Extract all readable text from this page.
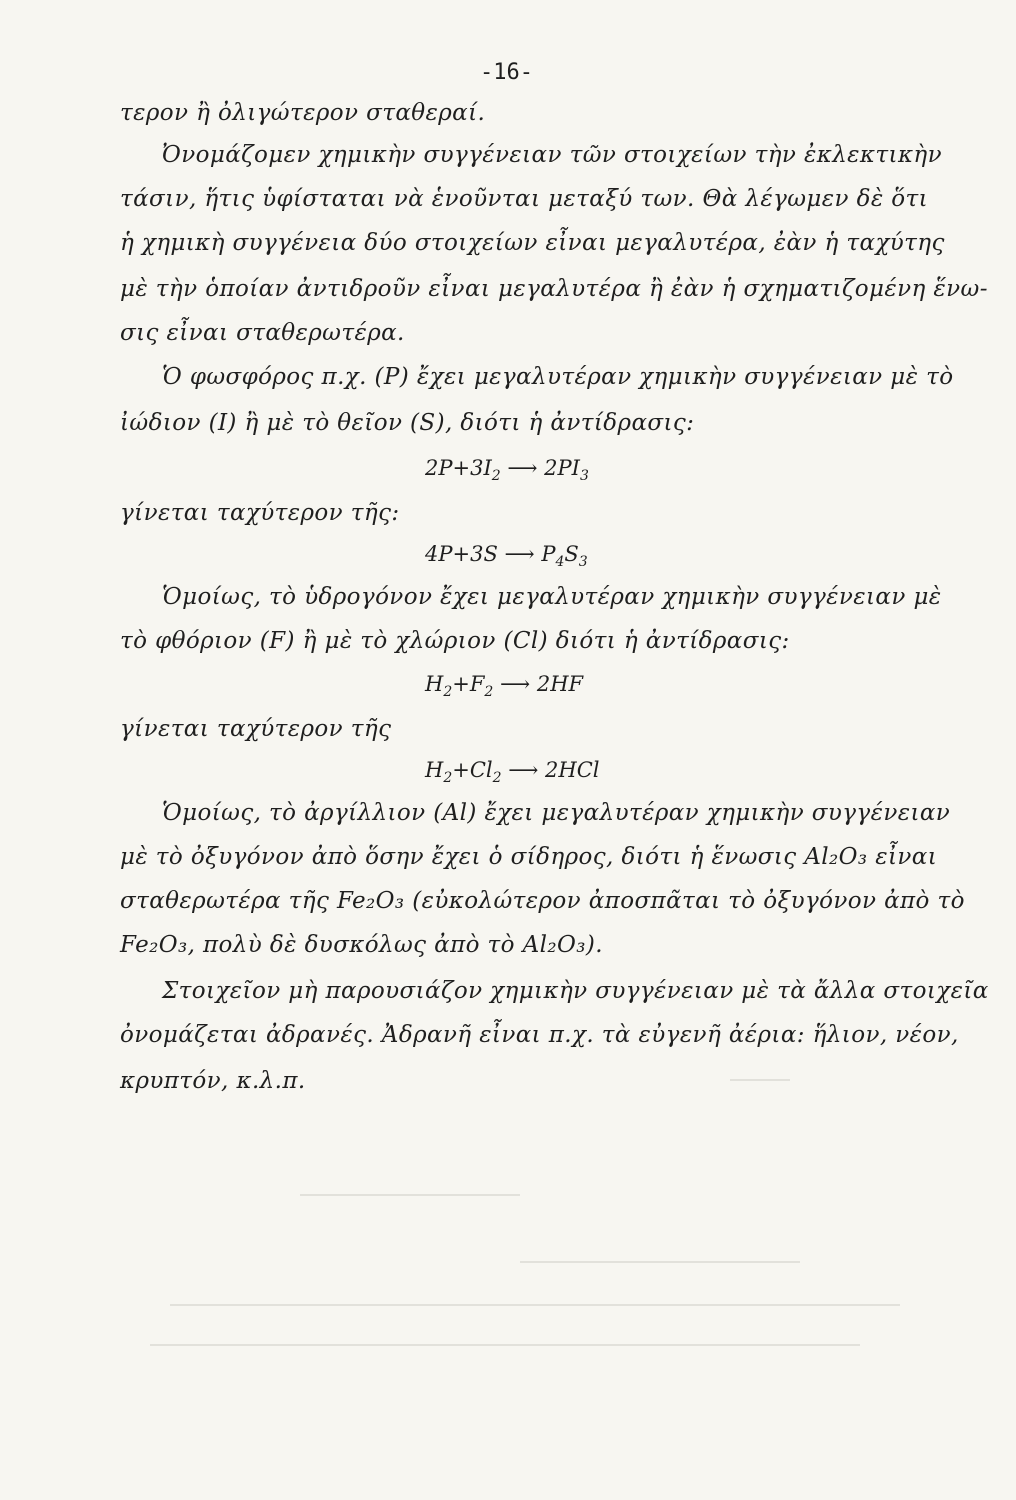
-16-
τερον ἢ ὀλιγώτερον σταθεραί.
Ὀνομάζομεν χημικὴν συγγένειαν τῶν στοιχείων τὴν ἐκλεκτικὴν
τάσιν, ἥτις ὑφίσταται νὰ ἑνοῦνται μεταξύ των. Θὰ λέγωμεν δὲ ὅτι
ἡ χημικὴ συγγένεια δύο στοιχείων εἶναι μεγαλυτέρα, ἐὰν ἡ ταχύτης
μὲ τὴν ὁποίαν ἀντιδροῦν εἶναι μεγαλυτέρα ἢ ἐὰν ἡ σχηματιζομένη ἕνω-
σις εἶναι σταθερωτέρα.
Ὁ φωσφόρος π.χ. (P) ἔχει μεγαλυτέραν χημικὴν συγγένειαν μὲ τὸ
ἰώδιον (I) ἢ μὲ τὸ θεῖον (S), διότι ἡ ἀντίδρασις:
$2P+3I_2$ ⟶ $2PI_3$
γίνεται ταχύτερον τῆς:
4P+3S ⟶ $P_4S_3$
Ὁμοίως, τὸ ὑδρογόνον ἔχει μεγαλυτέραν χημικὴν συγγένειαν μὲ
τὸ φθόριον (F) ἢ μὲ τὸ χλώριον (Cl) διότι ἡ ἀντίδρασις:
$H_2+F_2$ ⟶ 2HF
γίνεται ταχύτερον τῆς
$H_2+Cl_2$ ⟶ 2HCl
Ὁμοίως, τὸ ἀργίλλιον (Al) ἔχει μεγαλυτέραν χημικὴν συγγένειαν
μὲ τὸ ὀξυγόνον ἀπὸ ὅσην ἔχει ὁ σίδηρος, διότι ἡ ἕνωσις Al₂O₃ εἶναι
σταθερωτέρα τῆς Fe₂O₃ (εὐκολώτερον ἀποσπᾶται τὸ ὀξυγόνον ἀπὸ τὸ
Fe₂O₃, πολὺ δὲ δυσκόλως ἀπὸ τὸ Al₂O₃).
Στοιχεῖον μὴ παρουσιάζον χημικὴν συγγένειαν μὲ τὰ ἄλλα στοιχεῖα
ὀνομάζεται ἀδρανές. Ἀδρανῆ εἶναι π.χ. τὰ εὐγενῆ ἀέρια: ἥλιον, νέον,
κρυπτόν, κ.λ.π.
